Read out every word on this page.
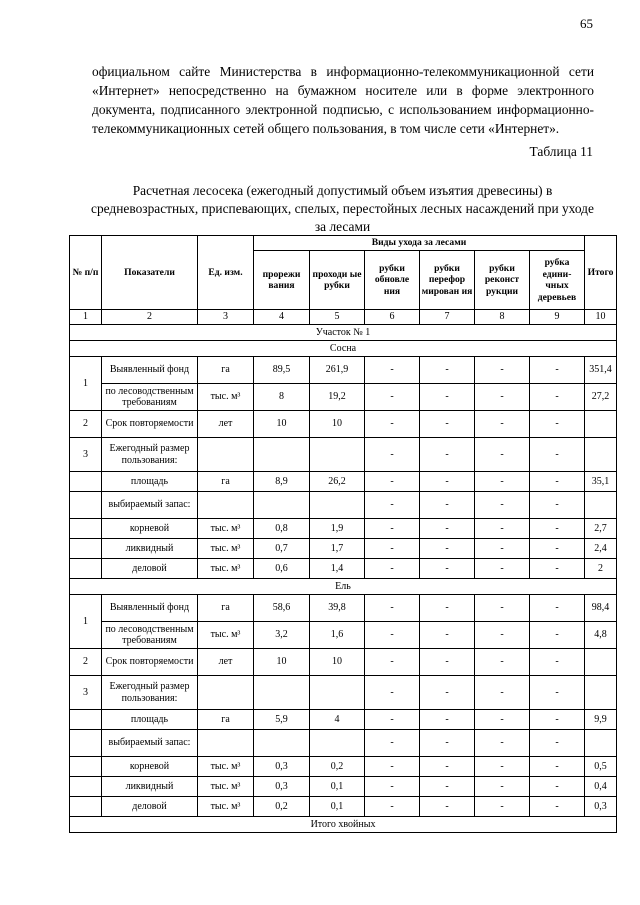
65

официальном сайте Министерства в информационно-телекоммуникационной сети «Интернет» непосредственно на бумажном носителе или в форме электронного документа, подписанного электронной подписью, с использованием информационно-телекоммуникационных сетей общего пользования, в том числе сети «Интернет».

Таблица 11

Расчетная лесосека (ежегодный допустимый объем изъятия древесины) в средневозрастных, приспевающих, спелых, перестойных лесных насаждений при уходе за лесами

№ п/п	Показатели	Ед. изм.	Виды ухода за лесами						Итого
			прорежи вания	проходи ые рубки	рубки обновле ния	рубки перефор мирован ия	рубки реконст рукции	рубка едини- чных деревьев	
1	2	3	4	5	6	7	8	9	10
Участок № 1									
Сосна									
1	Выявленный фонд	га	89,5	261,9	-	-	-	-	351,4
	по лесоводственным требованиям	тыс. м³	8	19,2	-	-	-	-	27,2
2	Срок повторяемости	лет	10	10	-	-	-	-	
3	Ежегодный размер пользования:				-	-	-	-	
	площадь	га	8,9	26,2	-	-	-	-	35,1
	выбираемый запас:				-	-	-	-	
	корневой	тыс. м³	0,8	1,9	-	-	-	-	2,7
	ликвидный	тыс. м³	0,7	1,7	-	-	-	-	2,4
	деловой	тыс. м³	0,6	1,4	-	-	-	-	2
Ель									
1	Выявленный фонд	га	58,6	39,8	-	-	-	-	98,4
	по лесоводственным требованиям	тыс. м³	3,2	1,6	-	-	-	-	4,8
2	Срок повторяемости	лет	10	10	-	-	-	-	
3	Ежегодный размер пользования:				-	-	-	-	
	площадь	га	5,9	4	-	-	-	-	9,9
	выбираемый запас:				-	-	-	-	
	корневой	тыс. м³	0,3	0,2	-	-	-	-	0,5
	ликвидный	тыс. м³	0,3	0,1	-	-	-	-	0,4
	деловой	тыс. м³	0,2	0,1	-	-	-	-	0,3
Итого хвойных									
